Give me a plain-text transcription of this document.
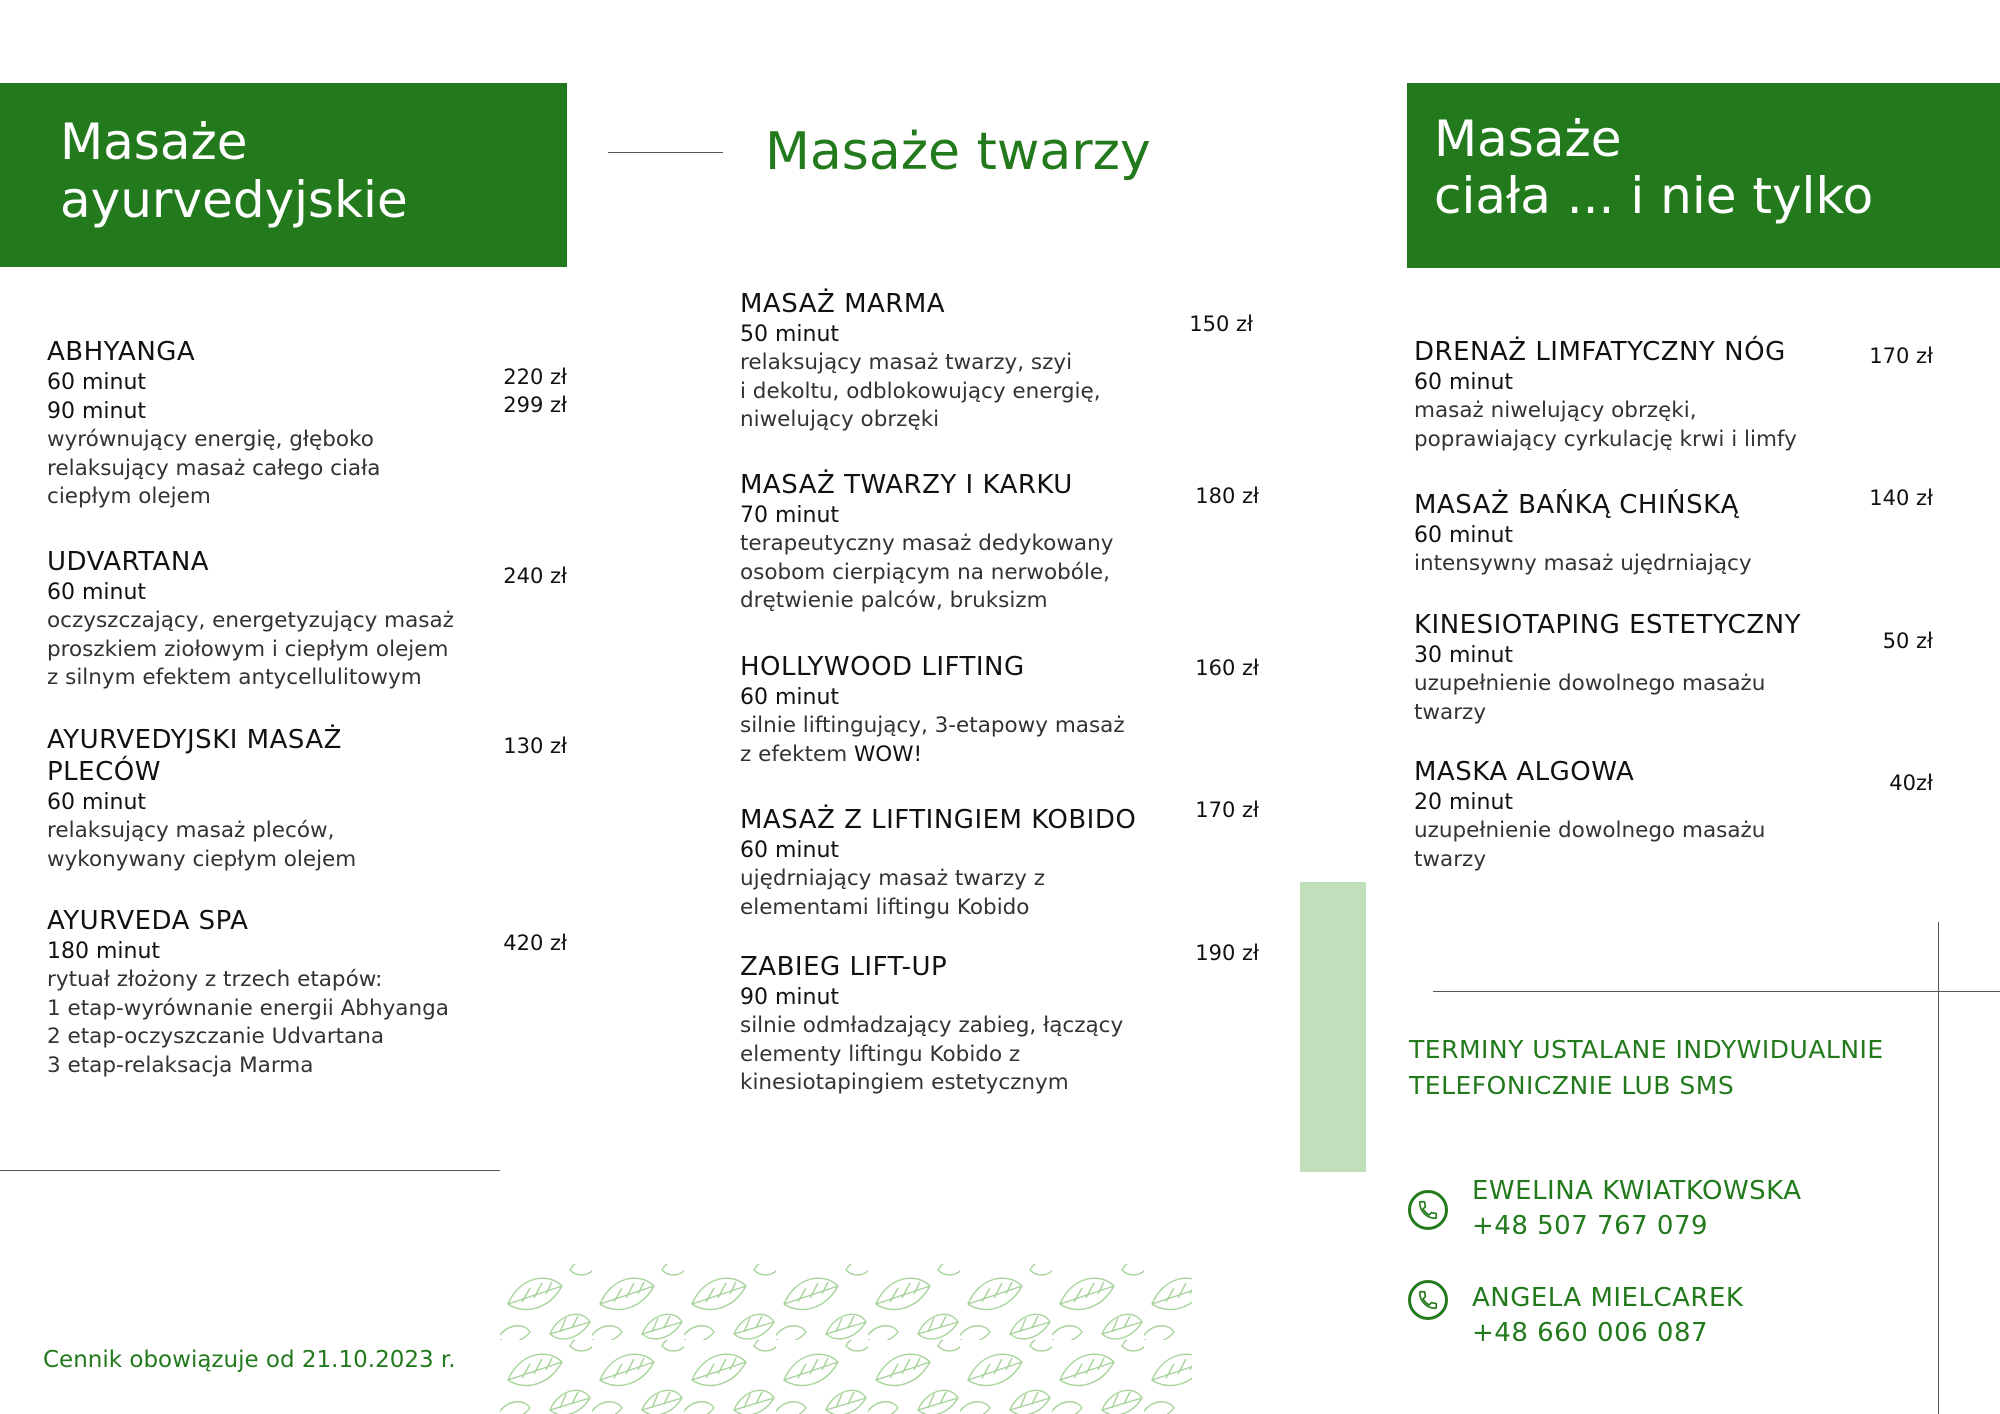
Masaże
ayurvedyjskie
ABHYANGA
60 minut
90 minut
wyrównujący energię, głęboko
relaksujący masaż całego ciała
ciepłym olejem
220 zł
299 zł
UDVARTANA
60 minut
oczyszczający, energetyzujący masaż
proszkiem ziołowym i ciepłym olejem
z silnym efektem antycellulitowym
240 zł
AYURVEDYJSKI MASAŻ
PLECÓW
60 minut
relaksujący masaż pleców,
wykonywany ciepłym olejem
130 zł
AYURVEDA SPA
180 minut
rytuał złożony z trzech etapów:
1 etap-wyrównanie energii Abhyanga
2 etap-oczyszczanie Udvartana
3 etap-relaksacja Marma
420 zł
Cennik obowiązuje od 21.10.2023 r.
Masaże twarzy
MASAŻ MARMA
50 minut
relaksujący masaż twarzy, szyi
i dekoltu, odblokowujący energię,
niwelujący obrzęki
150 zł
MASAŻ TWARZY I KARKU
70 minut
terapeutyczny masaż dedykowany
osobom cierpiącym na nerwobóle,
drętwienie palców, bruksizm
180 zł
HOLLYWOOD LIFTING
60 minut
silnie liftingujący, 3-etapowy masaż
z efektem WOW!
160 zł
MASAŻ Z LIFTINGIEM KOBIDO
60 minut
ujędrniający masaż twarzy z
elementami liftingu Kobido
170 zł
ZABIEG LIFT-UP
90 minut
silnie odmładzający zabieg, łączący
elementy liftingu Kobido z
kinesiotapingiem estetycznym
190 zł
Masaże
ciała ... i nie tylko
DRENAŻ LIMFATYCZNY NÓG
60 minut
masaż niwelujący obrzęki,
poprawiający cyrkulację krwi i limfy
170 zł
MASAŻ BAŃKĄ CHIŃSKĄ
60 minut
intensywny masaż ujędrniający
140 zł
KINESIOTAPING ESTETYCZNY
30 minut
uzupełnienie dowolnego masażu
twarzy
50 zł
MASKA ALGOWA
20 minut
uzupełnienie dowolnego masażu
twarzy
40zł
TERMINY USTALANE INDYWIDUALNIE
TELEFONICZNIE LUB SMS
EWELINA KWIATKOWSKA
+48 507 767 079
ANGELA MIELCAREK
+48 660 006 087
